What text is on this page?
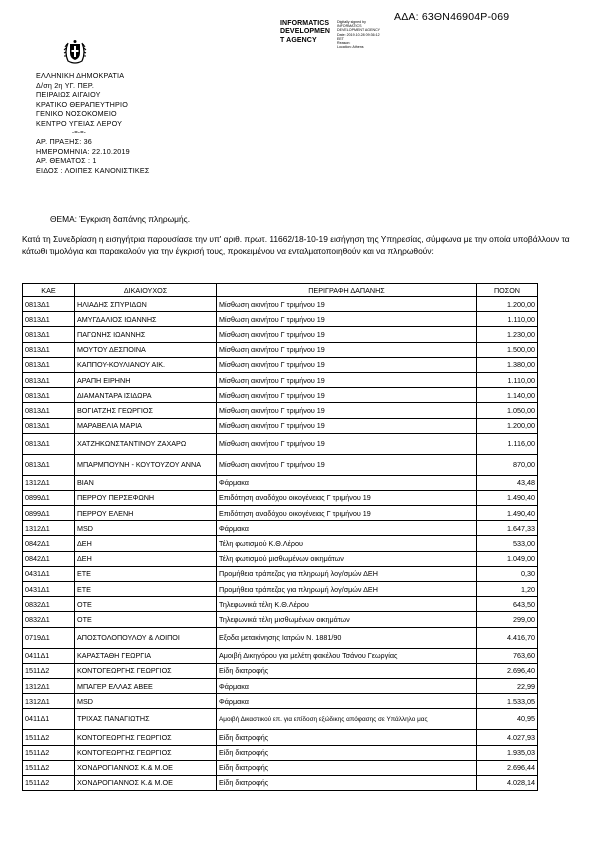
ΑΔΑ: 63ΘΝ46904Ρ-069
INFORMATICS
DEVELOPMEN
T AGENCY
Digitally signed by
INFORMATICS
DEVELOPMENT AGENCY
Date: 2019.10.28 09:36:12
EET
Reason:
Location: Athens
ΕΛΛΗΝΙΚΗ ΔΗΜΟΚΡΑΤΙΑ
Δ/ση 2η ΥΓ. ΠΕΡ.
ΠΕΙΡΑΙΩΣ ΑΙΓΑΙΟΥ
ΚΡΑΤΙΚΟ ΘΕΡΑΠΕΥΤΗΡΙΟ
ΓΕΝΙΚΟ ΝΟΣΟΚΟΜΕΙΟ
ΚΕΝΤΡΟ ΥΓΕΙΑΣ ΛΕΡΟΥ
-=-=-
ΑΡ. ΠΡΑΞΗΣ: 36
ΗΜΕΡΟΜΗΝΙΑ: 22.10.2019
ΑΡ. ΘΕΜΑΤΟΣ : 1
ΕΙΔΟΣ : ΛΟΙΠΕΣ ΚΑΝΟΝΙΣΤΙΚΕΣ
ΘΕΜΑ: Έγκριση δαπάνης πληρωμής.
Κατά τη Συνεδρίαση η εισηγήτρια παρουσίασε την υπ' αριθ. πρωτ. 11662/18-10-19 εισήγηση της Υπηρεσίας, σύμφωνα με την οποία υποβάλλουν τα κάτωθι τιμολόγια και παρακαλούν για την έγκρισή τους, προκειμένου να ενταλματοποιηθούν και να πληρωθούν:
ΚΑΕ	ΔΙΚΑΙΟΥΧΟΣ	ΠΕΡΙΓΡΑΦΗ ΔΑΠΑΝΗΣ	ΠΟΣΟΝ
0813Δ1	ΗΛΙΑΔΗΣ ΣΠΥΡΙΔΩΝ	Μίσθωση ακινήτου Γ τριμήνου 19	1.200,00
0813Δ1	ΑΜΥΓΔΑΛΙΟΣ ΙΩΑΝΝΗΣ	Μίσθωση ακινήτου Γ τριμήνου 19	1.110,00
0813Δ1	ΠΑΓΩΝΗΣ ΙΩΑΝΝΗΣ	Μίσθωση ακινήτου Γ τριμήνου 19	1.230,00
0813Δ1	ΜΟΥΤΟΥ ΔΕΣΠΟΙΝΑ	Μίσθωση ακινήτου Γ τριμήνου 19	1.500,00
0813Δ1	ΚΑΠΠΟΥ-ΚΟΥΛΙΑΝΟΥ ΑΙΚ.	Μίσθωση ακινήτου Γ τριμήνου 19	1.380,00
0813Δ1	ΑΡΑΠΗ ΕΙΡΗΝΗ	Μίσθωση ακινήτου Γ τριμήνου 19	1.110,00
0813Δ1	ΔΙΑΜΑΝΤΑΡΑ ΙΣΙΔΩΡΑ	Μίσθωση ακινήτου Γ τριμήνου 19	1.140,00
0813Δ1	ΒΟΓΙΑΤΖΗΣ ΓΕΩΡΓΙΟΣ	Μίσθωση ακινήτου Γ τριμήνου 19	1.050,00
0813Δ1	ΜΑΡΑΒΕΛΙΑ ΜΑΡΙΑ	Μίσθωση ακινήτου Γ τριμήνου 19	1.200,00
0813Δ1	ΧΑΤΖΗΚΩΝΣΤΑΝΤΙΝΟΥ ΖΑΧΑΡΩ	Μίσθωση ακινήτου Γ τριμήνου 19	1.116,00
0813Δ1	ΜΠΑΡΜΠΟΥΝΗ - ΚΟΥΤΟΥΖΟΥ ΑΝΝΑ	Μίσθωση ακινήτου Γ τριμήνου 19	870,00
1312Δ1	ΒΙΑΝ	Φάρμακα	43,48
0899Δ1	ΠΕΡΡΟΥ ΠΕΡΣΕΦΩΝΗ	Επιδότηση αναδόχου οικογένειας Γ τριμήνου 19	1.490,40
0899Δ1	ΠΕΡΡΟΥ ΕΛΕΝΗ	Επιδότηση αναδόχου οικογένειας Γ τριμήνου 19	1.490,40
1312Δ1	MSD	Φάρμακα	1.647,33
0842Δ1	ΔΕΗ	Τέλη φωτισμού Κ.Θ.Λέρου	533,00
0842Δ1	ΔΕΗ	Τέλη φωτισμού μισθωμένων οικημάτων	1.049,00
0431Δ1	ΕΤΕ	Προμήθεια τράπεζας για πληρωμή λογ/σμών ΔΕΗ	0,30
0431Δ1	ΕΤΕ	Προμήθεια τράπεζας για πληρωμή λογ/σμών ΔΕΗ	1,20
0832Δ1	ΟΤΕ	Τηλεφωνικά τέλη Κ.Θ.Λέρου	643,50
0832Δ1	ΟΤΕ	Τηλεφωνικά τέλη μισθωμένων οικημάτων	299,00
0719Δ1	ΑΠΟΣΤΟΛΟΠΟΥΛΟΥ & ΛΟΙΠΟΙ	Εξοδα μετακίνησης Ιατρών Ν. 1881/90	4.416,70
0411Δ1	ΚΑΡΑΣΤΑΘΗ ΓΕΩΡΓΙΑ	Αμοιβή Δικηγόρου για μελέτη φακέλου Τσάνου Γεωργίας	763,60
1511Δ2	ΚΟΝΤΟΓΕΩΡΓΗΣ ΓΕΩΡΓΙΟΣ	Είδη διατροφής	2.696,40
1312Δ1	ΜΠΑΓΕΡ ΕΛΛΑΣ ΑΒΕΕ	Φάρμακα	22,99
1312Δ1	MSD	Φάρμακα	1.533,05
0411Δ1	ΤΡΙΧΑΣ ΠΑΝΑΓΙΩΤΗΣ	Αμοιβή Δικαστικού επ. για επίδοση εξώδικης απόφασης σε Υπάλληλο μας	40,95
1511Δ2	ΚΟΝΤΟΓΕΩΡΓΗΣ ΓΕΩΡΓΙΟΣ	Είδη διατροφής	4.027,93
1511Δ2	ΚΟΝΤΟΓΕΩΡΓΗΣ ΓΕΩΡΓΙΟΣ	Είδη διατροφής	1.935,03
1511Δ2	ΧΟΝΔΡΟΓΙΑΝΝΟΣ Κ.& Μ.ΟΕ	Είδη διατροφής	2.696,44
1511Δ2	ΧΟΝΔΡΟΓΙΑΝΝΟΣ Κ.& Μ.ΟΕ	Είδη διατροφής	4.028,14
